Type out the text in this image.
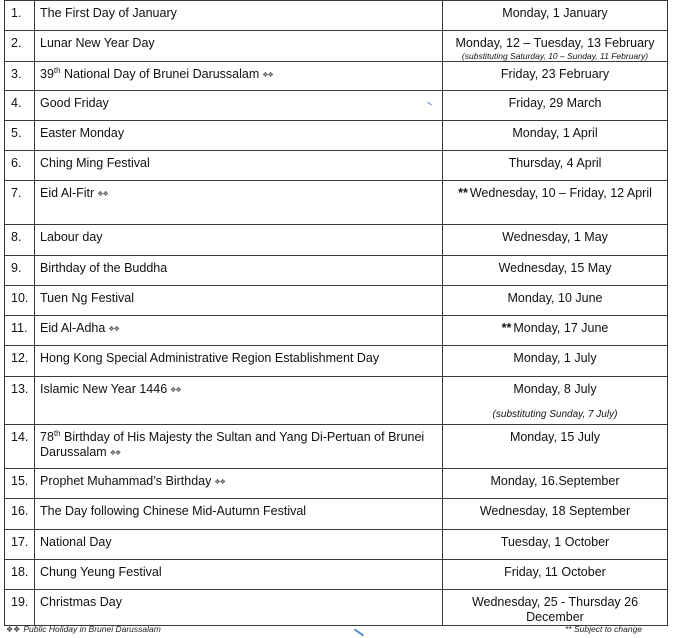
1.	The First Day of January	Monday, 1 January
2.	Lunar New Year Day	Monday, 12 – Tuesday, 13 February
(substituting Saturday, 10 – Sunday, 11 February)

3.	39th National Day of Brunei Darussalam ❖❖	Friday, 23 February
4.	Good Friday	Friday, 29 March
5.	Easter Monday	Monday, 1 April
6.	Ching Ming Festival	Thursday, 4 April
7.	Eid Al-Fitr ❖❖	** Wednesday, 10 – Friday, 12 April
8.	Labour day	Wednesday, 1 May
9.	Birthday of the Buddha	Wednesday, 15 May
10.	Tuen Ng Festival	Monday, 10 June
11.	Eid Al-Adha ❖❖	** Monday, 17 June
12.	Hong Kong Special Administrative Region Establishment Day	Monday, 1 July
13.	Islamic New Year 1446 ❖❖	Monday, 8 July
(substituting Sunday, 7 July)

14.	78th Birthday of His Majesty the Sultan and Yang Di-Pertuan of Brunei Darussalam ❖❖	Monday, 15 July
15.	Prophet Muhammad’s Birthday ❖❖	Monday, 16.September
16.	The Day following Chinese Mid-Autumn Festival	Wednesday, 18 September
17.	National Day	Tuesday, 1 October
18.	Chung Yeung Festival	Friday, 11 October
19.	Christmas Day	Wednesday, 25 - Thursday 26 December
❖❖ Public Holiday in Brunei Darussalam	** Subject to change
